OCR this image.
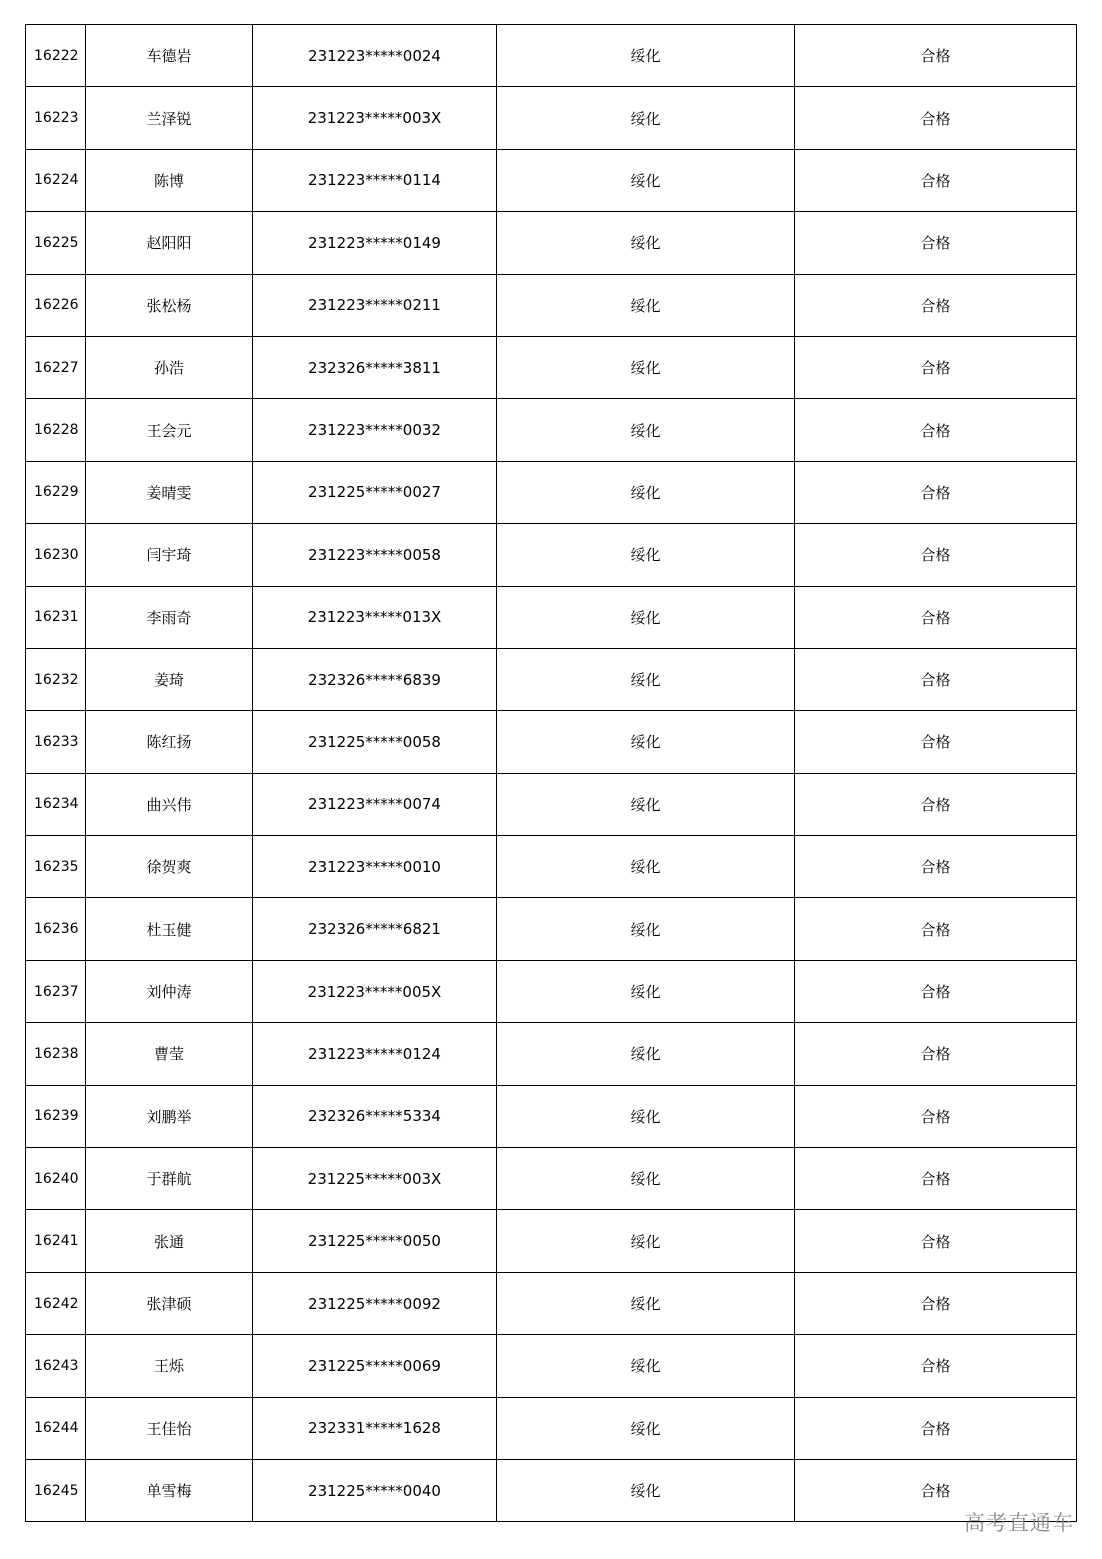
16222	车德岩	231223*****0024	绥化	合格
16223	兰泽锐	231223*****003X	绥化	合格
16224	陈博	231223*****0114	绥化	合格
16225	赵阳阳	231223*****0149	绥化	合格
16226	张松杨	231223*****0211	绥化	合格
16227	孙浩	232326*****3811	绥化	合格
16228	王会元	231223*****0032	绥化	合格
16229	姜晴雯	231225*****0027	绥化	合格
16230	闫宇琦	231223*****0058	绥化	合格
16231	李雨奇	231223*****013X	绥化	合格
16232	姜琦	232326*****6839	绥化	合格
16233	陈红扬	231225*****0058	绥化	合格
16234	曲兴伟	231223*****0074	绥化	合格
16235	徐贺爽	231223*****0010	绥化	合格
16236	杜玉健	232326*****6821	绥化	合格
16237	刘仲涛	231223*****005X	绥化	合格
16238	曹莹	231223*****0124	绥化	合格
16239	刘鹏举	232326*****5334	绥化	合格
16240	于群航	231225*****003X	绥化	合格
16241	张通	231225*****0050	绥化	合格
16242	张津硕	231225*****0092	绥化	合格
16243	王烁	231225*****0069	绥化	合格
16244	王佳怡	232331*****1628	绥化	合格
16245	单雪梅	231225*****0040	绥化	合格
高考直通车
